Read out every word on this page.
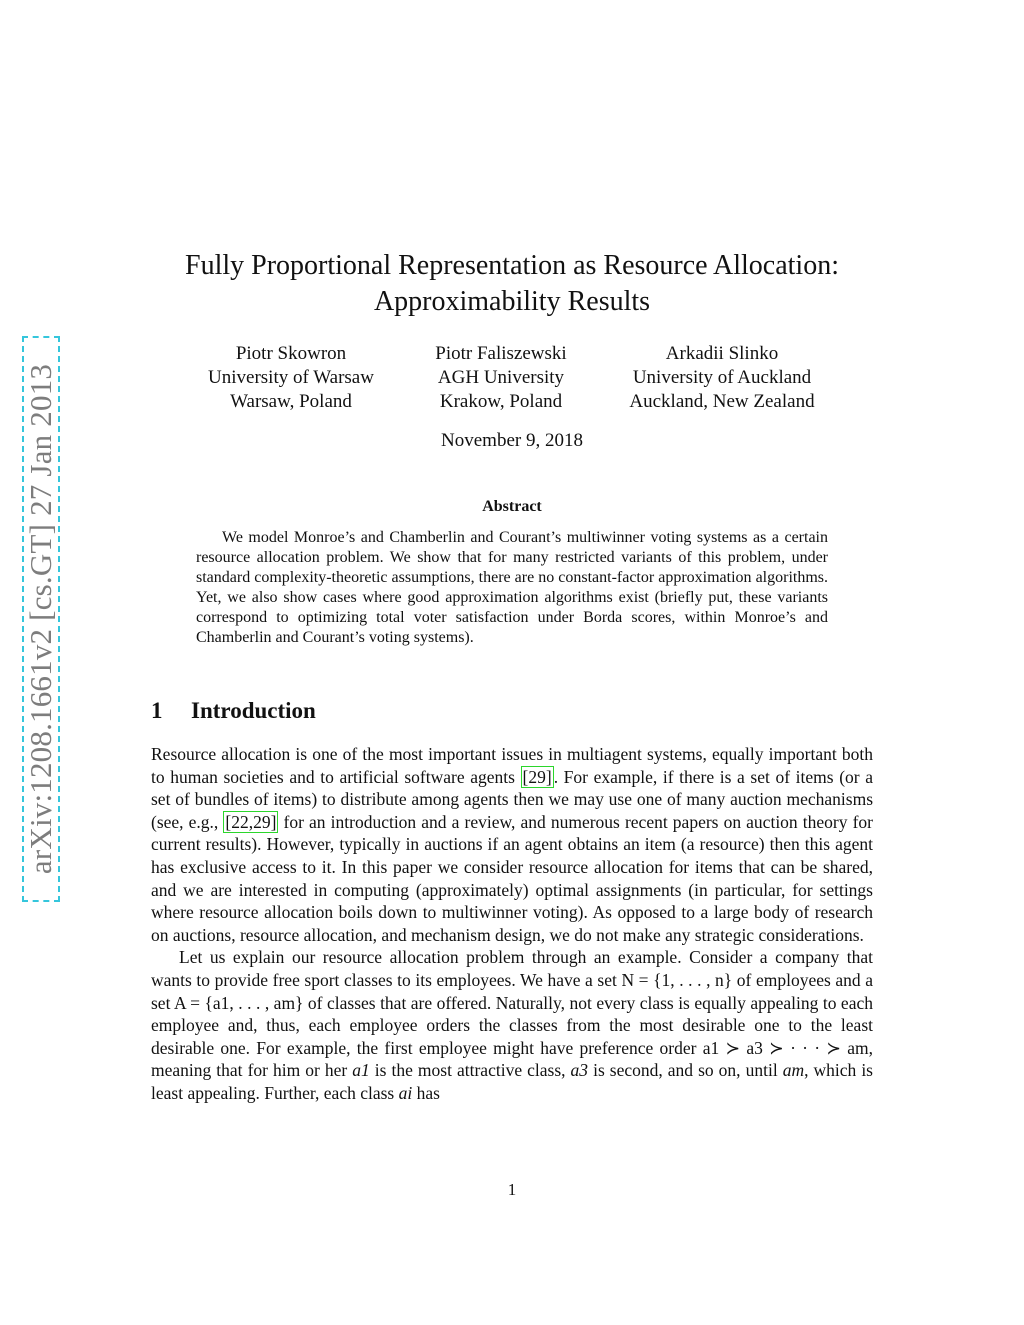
arXiv:1208.1661v2 [cs.GT] 27 Jan 2013
Fully Proportional Representation as Resource Allocation:
Approximability Results
Piotr Skowron
University of Warsaw
Warsaw, Poland
Piotr Faliszewski
AGH University
Krakow, Poland
Arkadii Slinko
University of Auckland
Auckland, New Zealand
November 9, 2018
Abstract
We model Monroe’s and Chamberlin and Courant’s multiwinner voting systems as a certain resource allocation problem. We show that for many restricted variants of this problem, under standard complexity-theoretic assumptions, there are no constant-factor approximation algorithms. Yet, we also show cases where good approximation algorithms exist (briefly put, these variants correspond to optimizing total voter satisfaction under Borda scores, within Monroe’s and Chamberlin and Courant’s voting systems).
1 Introduction

Resource allocation is one of the most important issues in multiagent systems, equally important both to human societies and to artificial software agents [29] . For example, if there is a set of items (or a set of bundles of items) to distribute among agents then we may use one of many auction mechanisms (see, e.g., [22,29] for an introduction and a review, and numerous recent papers on auction theory for current results). However, typically in auctions if an agent obtains an item (a resource) then this agent has exclusive access to it. In this paper we consider resource allocation for items that can be shared, and we are interested in computing (approximately) optimal assignments (in particular, for settings where resource allocation boils down to multiwinner voting). As opposed to a large body of research on auctions, resource allocation, and mechanism design, we do not make any strategic considerations.

Let us explain our resource allocation problem through an example. Consider a company that wants to provide free sport classes to its employees. We have a set N = {1, . . . , n} of employees and a set A = {a1, . . . , am} of classes that are offered. Naturally, not every class is equally appealing to each employee and, thus, each employee orders the classes from the most desirable one to the least desirable one. For example, the first employee might have preference order a1 ≻ a3 ≻ · · · ≻ am, meaning that for him or her a1 is the most attractive class, a3 is second, and so on, until am, which is least appealing. Further, each class ai has

1
